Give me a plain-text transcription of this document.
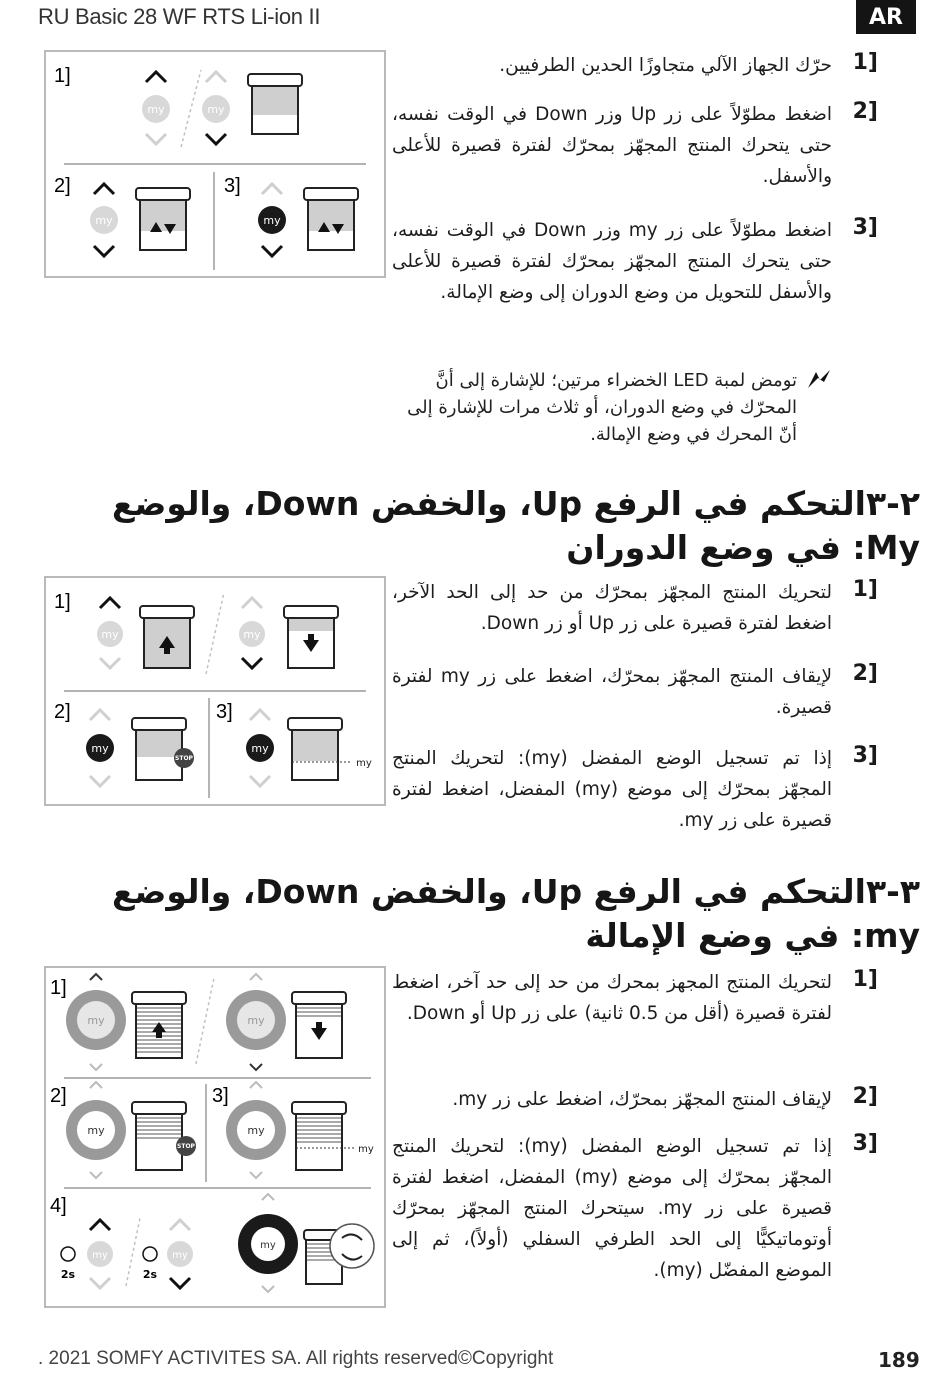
RU Basic 28 WF RTS Li-ion II	AR
1]
2]	3]
my	my
my	my
1]
حرّك الجهاز الآلي متجاوزًا الحدين الطرفيين.
2]
اضغط مطوّلاً على زر Up وزر Down في الوقت نفسه، حتى يتحرك المنتج المجهّز بمحرّك لفترة قصيرة للأعلى والأسفل.
3]
اضغط مطوّلاً على زر my وزر Down في الوقت نفسه، حتى يتحرك المنتج المجهّز بمحرّك لفترة قصيرة للأعلى والأسفل للتحويل من وضع الدوران إلى وضع الإمالة.
تومض لمبة LED الخضراء مرتين؛ للإشارة إلى أنَّ المحرّك في وضع الدوران، أو ثلاث مرات للإشارة إلى أنّ المحرك في وضع الإمالة.
٢-٣التحكم في الرفع Up، والخفض Down، والوضع My: في وضع الدوران
1]
2]	3]
my	my
my
STOP
my
my
1]
لتحريك المنتج المجهّز بمحرّك من حد إلى الحد الآخر، اضغط لفترة قصيرة على زر Up أو زر Down.
2]
لإيقاف المنتج المجهّز بمحرّك، اضغط على زر my لفترة قصيرة.
3]
إذا تم تسجيل الوضع المفضل (my): لتحريك المنتج المجهّز بمحرّك إلى موضع (my) المفضل، اضغط لفترة قصيرة على زر my.
٣-٣التحكم في الرفع Up، والخفض Down، والوضع my: في وضع الإمالة
1]
2]	3]
4]
my	my
my
STOP
my
my
my
2s
my
2s
my
1]
لتحريك المنتج المجهز بمحرك من حد إلى حد آخر، اضغط لفترة قصيرة (أقل من 0.5 ثانية) على زر Up أو Down.
2]
لإيقاف المنتج المجهّز بمحرّك، اضغط على زر my.
3]
إذا تم تسجيل الوضع المفضل (my): لتحريك المنتج المجهّز بمحرّك إلى موضع (my) المفضل، اضغط لفترة قصيرة على زر my. سيتحرك المنتج المجهّز بمحرّك أوتوماتيكيًّا إلى الحد الطرفي السفلي (أولاً)، ثم إلى الموضع المفضّل (my).
. 2021 SOMFY ACTIVITES SA. All rights reserved©Copyright	189
